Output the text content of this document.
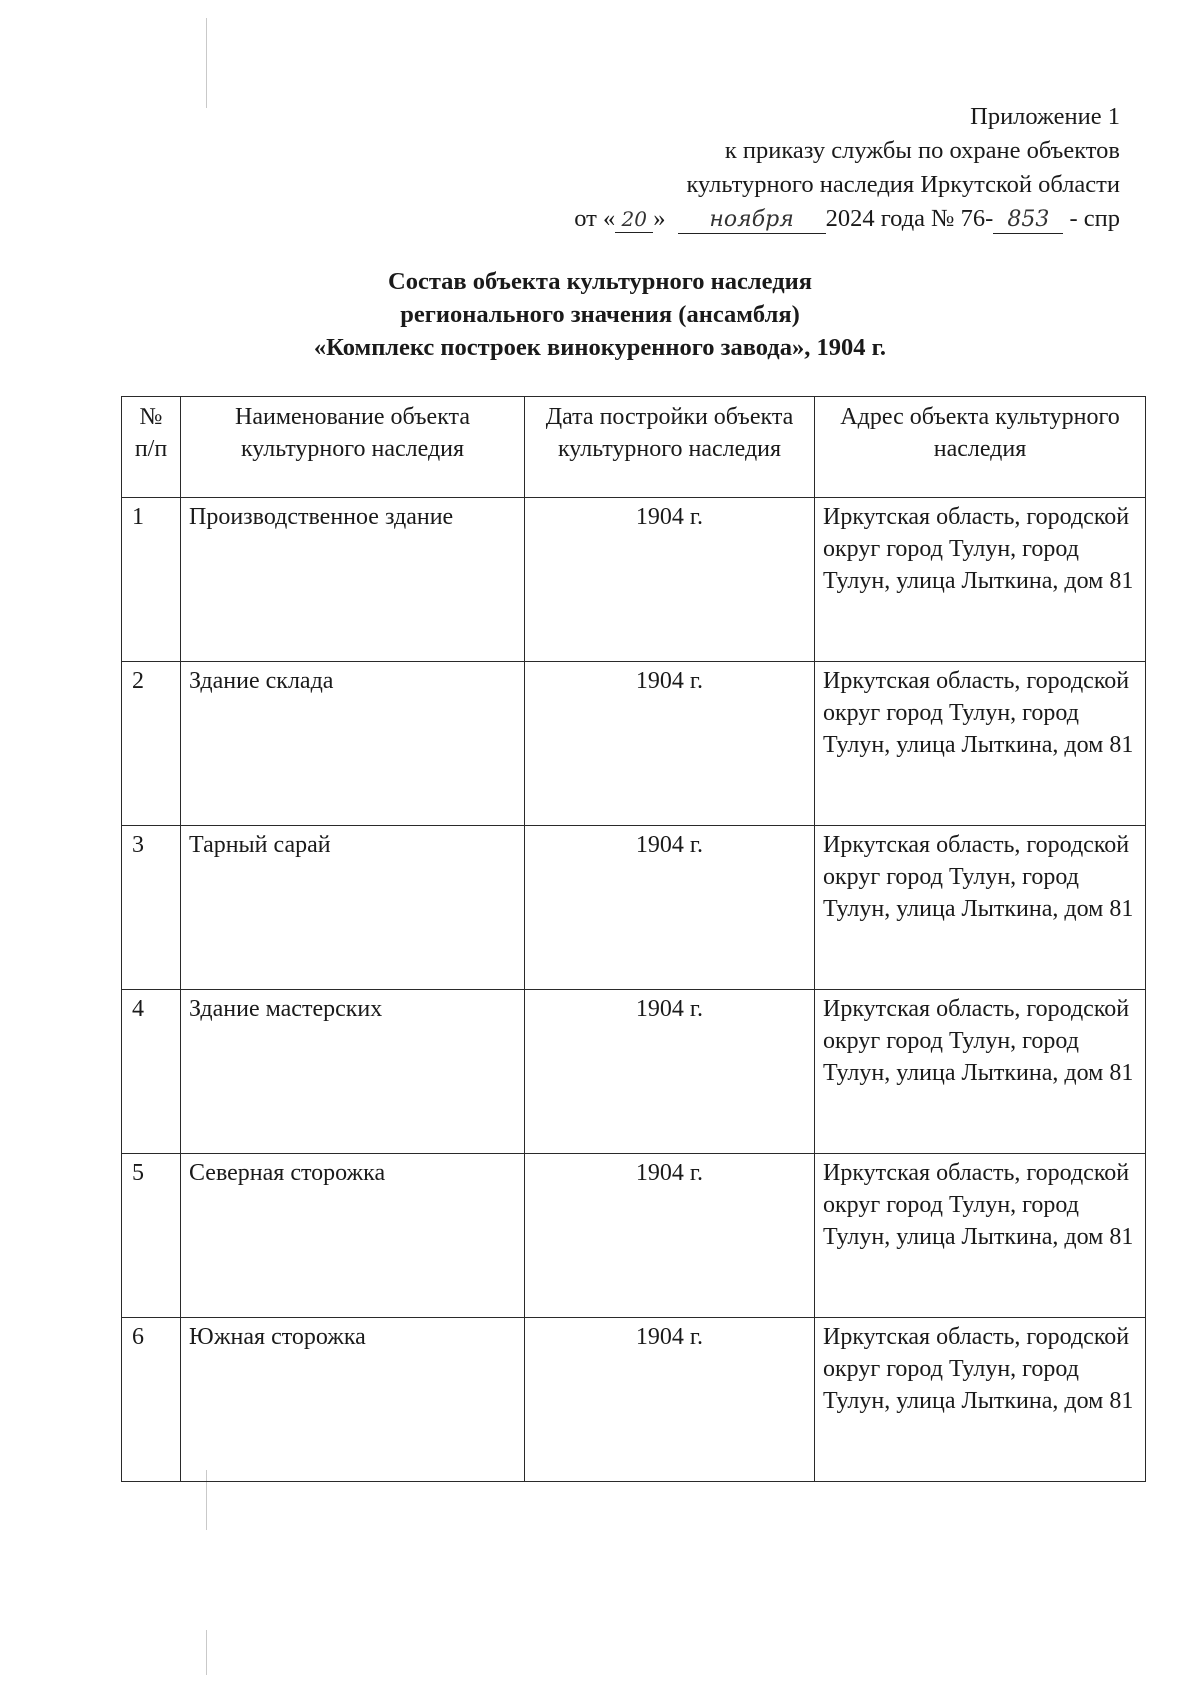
Приложение 1
к приказу службы по охране объектов
культурного наследия Иркутской области
от « 20 » ноября 2024 года № 76- 853 - спр
Состав объекта культурного наследия
регионального значения (ансамбля)
«Комплекс построек винокуренного завода», 1904 г.
№ п/п	Наименование объекта культурного наследия	Дата постройки объекта культурного наследия	Адрес объекта культурного наследия
1	Производственное здание	1904 г.	Иркутская область, городской округ город Тулун, город Тулун, улица Лыткина, дом 81
2	Здание склада	1904 г.	Иркутская область, городской округ город Тулун, город Тулун, улица Лыткина, дом 81
3	Тарный сарай	1904 г.	Иркутская область, городской округ город Тулун, город Тулун, улица Лыткина, дом 81
4	Здание мастерских	1904 г.	Иркутская область, городской округ город Тулун, город Тулун, улица Лыткина, дом 81
5	Северная сторожка	1904 г.	Иркутская область, городской округ город Тулун, город Тулун, улица Лыткина, дом 81
6	Южная сторожка	1904 г.	Иркутская область, городской округ город Тулун, город Тулун, улица Лыткина, дом 81
